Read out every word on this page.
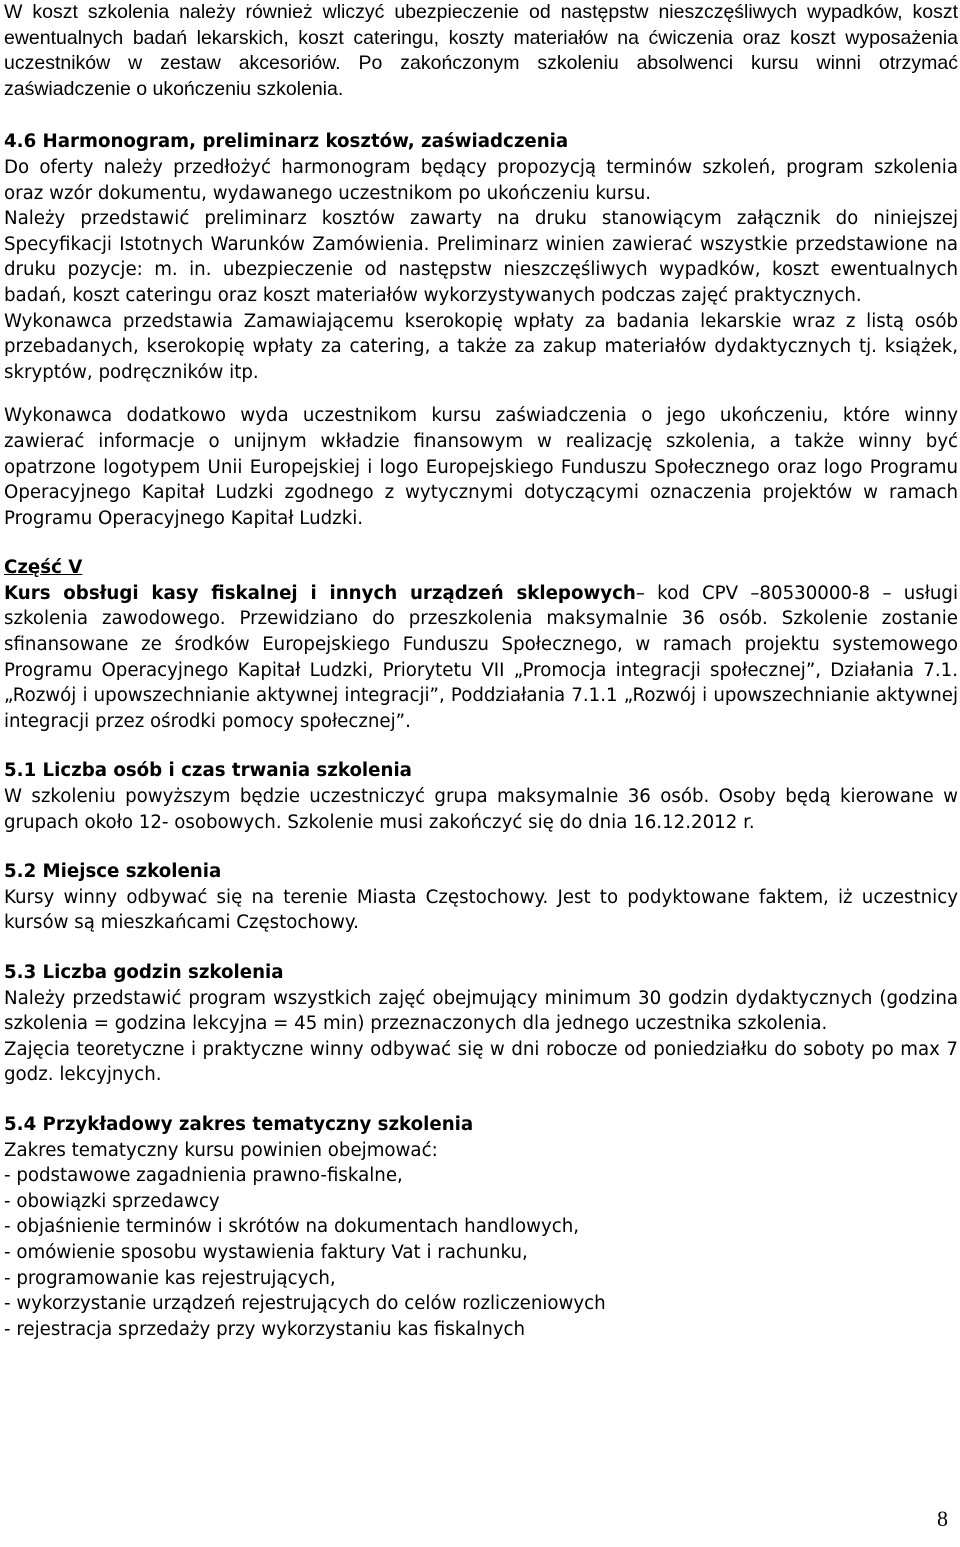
W koszt szkolenia należy również wliczyć ubezpieczenie od następstw nieszczęśliwych wypadków, koszt ewentualnych badań lekarskich, koszt cateringu, koszty materiałów na ćwiczenia oraz koszt wyposażenia uczestników w zestaw akcesoriów. Po zakończonym szkoleniu absolwenci kursu winni otrzymać zaświadczenie o ukończeniu szkolenia.

4.6 Harmonogram, preliminarz kosztów, zaświadczenia

Do oferty należy przedłożyć harmonogram będący propozycją terminów szkoleń, program szkolenia oraz wzór dokumentu, wydawanego uczestnikom po ukończeniu kursu.

Należy przedstawić preliminarz kosztów zawarty na druku stanowiącym załącznik do niniejszej Specyfikacji Istotnych Warunków Zamówienia. Preliminarz winien zawierać wszystkie przedstawione na druku pozycje: m. in. ubezpieczenie od następstw nieszczęśliwych wypadków, koszt ewentualnych badań, koszt cateringu oraz koszt materiałów wykorzystywanych podczas zajęć praktycznych.

Wykonawca przedstawia Zamawiającemu kserokopię wpłaty za badania lekarskie wraz z listą osób przebadanych, kserokopię wpłaty za catering, a także za zakup materiałów dydaktycznych tj. książek, skryptów, podręczników itp.

Wykonawca dodatkowo wyda uczestnikom kursu zaświadczenia o jego ukończeniu, które winny zawierać informacje o unijnym wkładzie finansowym w realizację szkolenia, a także winny być opatrzone logotypem Unii Europejskiej i logo Europejskiego Funduszu Społecznego oraz logo Programu Operacyjnego Kapitał Ludzki zgodnego z wytycznymi dotyczącymi oznaczenia projektów w ramach Programu Operacyjnego Kapitał Ludzki.

Część V

Kurs obsługi kasy fiskalnej i innych urządzeń sklepowych– kod CPV –80530000-8 – usługi szkolenia zawodowego. Przewidziano do przeszkolenia maksymalnie 36 osób. Szkolenie zostanie sfinansowane ze środków Europejskiego Funduszu Społecznego, w ramach projektu systemowego Programu Operacyjnego Kapitał Ludzki, Priorytetu VII „Promocja integracji społecznej”, Działania 7.1. „Rozwój i upowszechnianie aktywnej integracji”, Poddziałania 7.1.1 „Rozwój i upowszechnianie aktywnej integracji przez ośrodki pomocy społecznej”.

5.1 Liczba osób i czas trwania szkolenia

W szkoleniu powyższym będzie uczestniczyć grupa maksymalnie 36 osób. Osoby będą kierowane w grupach około 12- osobowych. Szkolenie musi zakończyć się do dnia 16.12.2012 r.

5.2 Miejsce szkolenia

Kursy winny odbywać się na terenie Miasta Częstochowy. Jest to podyktowane faktem, iż uczestnicy kursów są mieszkańcami Częstochowy.

5.3 Liczba godzin szkolenia

Należy przedstawić program wszystkich zajęć obejmujący minimum 30 godzin dydaktycznych (godzina szkolenia = godzina lekcyjna = 45 min) przeznaczonych dla jednego uczestnika szkolenia.

Zajęcia teoretyczne i praktyczne winny odbywać się w dni robocze od poniedziałku do soboty po max 7 godz. lekcyjnych.

5.4 Przykładowy zakres tematyczny szkolenia

Zakres tematyczny kursu powinien obejmować:

- podstawowe zagadnienia prawno-fiskalne,
- obowiązki sprzedawcy
- objaśnienie terminów i skrótów na dokumentach handlowych,
- omówienie sposobu wystawienia faktury Vat i rachunku,
- programowanie kas rejestrujących,
- wykorzystanie urządzeń rejestrujących do celów rozliczeniowych
- rejestracja sprzedaży przy wykorzystaniu kas fiskalnych
8
